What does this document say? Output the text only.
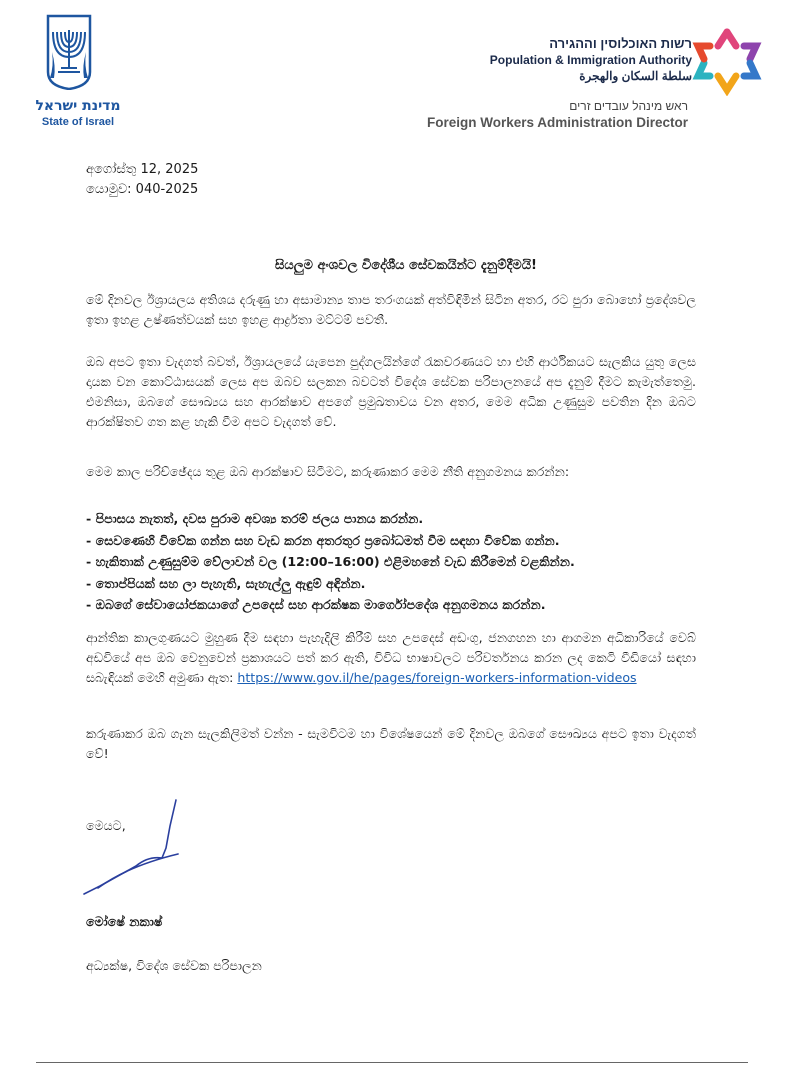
מדינת ישראל
State of Israel
רשות האוכלוסין וההגירה
Population & Immigration Authority
سلطة السكان والهجرة
ראש מינהל עובדים זרים
Foreign Workers Administration Director
අගෝස්තු 12, 2025
යොමුව: 040-2025
සියලුම අංශවල විදේශීය සේවකයින්ට දැනුම්දීමයි!
මේ දිනවල ඊශ්‍රායලය අතිශය දරුණු හා අසාමාන්‍ය තාප තරංගයක් අත්විඳිමින් සිටින අතර, රට පුරා බොහෝ ප්‍රදේශවල ඉතා ඉහළ උෂ්ණත්වයක් සහ ඉහළ ආර්ද්‍රතා මට්ටම් පවතී.
ඔබ අපට ඉතා වැදගත් බවත්, ඊශ්‍රායලයේ යැපෙන පුද්ගලයින්ගේ රැකවරණයට හා එහි ආර්ථිකයට සැලකිය යුතු ලෙස දායක වන කොට්ඨාසයක් ලෙස අප ඔබව සලකන බවටත් විදේශ සේවක පරිපාලනයේ අප දැනුම් දීමට කැමැත්තෙමු. එමනිසා, ඔබගේ සෞඛ්‍යය සහ ආරක්ෂාව අපගේ ප්‍රමුඛතාවය වන අතර, මෙම අධික උණුසුම පවතින දින ඔබට ආරක්ෂිතව ගත කළ හැකි වීම අපට වැදගත් වේ.
මෙම කාල පරිච්ඡේදය තුළ ඔබ ආරක්ෂාව සිටීමට, කරුණාකර මෙම නීති අනුගමනය කරන්න:
- පිපාසය නැතත්, දවස පුරාම අවශ්‍ය තරම් ජලය පානය කරන්න.
- සෙවණෙහි විවේක ගන්න සහ වැඩ කරන අතරතුර ප්‍රබෝධමත් වීම සඳහා විවේක ගන්න.
- හැකිතාක් උණුසුම්ම වේලාවන් වල (12:00–16:00) එළිමහනේ වැඩ කිරීමෙන් වළකින්න.
- තොප්පියක් සහ ලා පැහැති, සැහැල්ලු ඇඳුම් අඳින්න.
- ඔබගේ සේවායෝජකයාගේ උපදෙස් සහ ආරක්ෂක මාර්ගෝපදේශ අනුගමනය කරන්න.
ආන්තික කාලගුණයට මුහුණ දීම සඳහා පැහැදිලි කිරීම් සහ උපදෙස් අඩංගු, ජනගහන හා ආගමන අධිකාරියේ වෙබ් අඩවියේ අප ඔබ වෙනුවෙන් ප්‍රකාශයට පත් කර ඇති, විවිධ භාෂාවලට පරිවර්තනය කරන ලද කෙටි වීඩියෝ සඳහා සබැඳියක් මෙහි අමුණා ඇත: https://www.gov.il/he/pages/foreign-workers-information-videos
කරුණාකර ඔබ ගැන සැලකිලිමත් වන්න - සැමවිටම හා විශේෂයෙන් මේ දිනවල ඔබගේ සෞඛ්‍යය අපට ඉතා වැදගත් වේ!
මෙයට,
මෝෂේ නකාෂ්
අධ්‍යක්ෂ, විදේශ සේවක පරිපාලන
